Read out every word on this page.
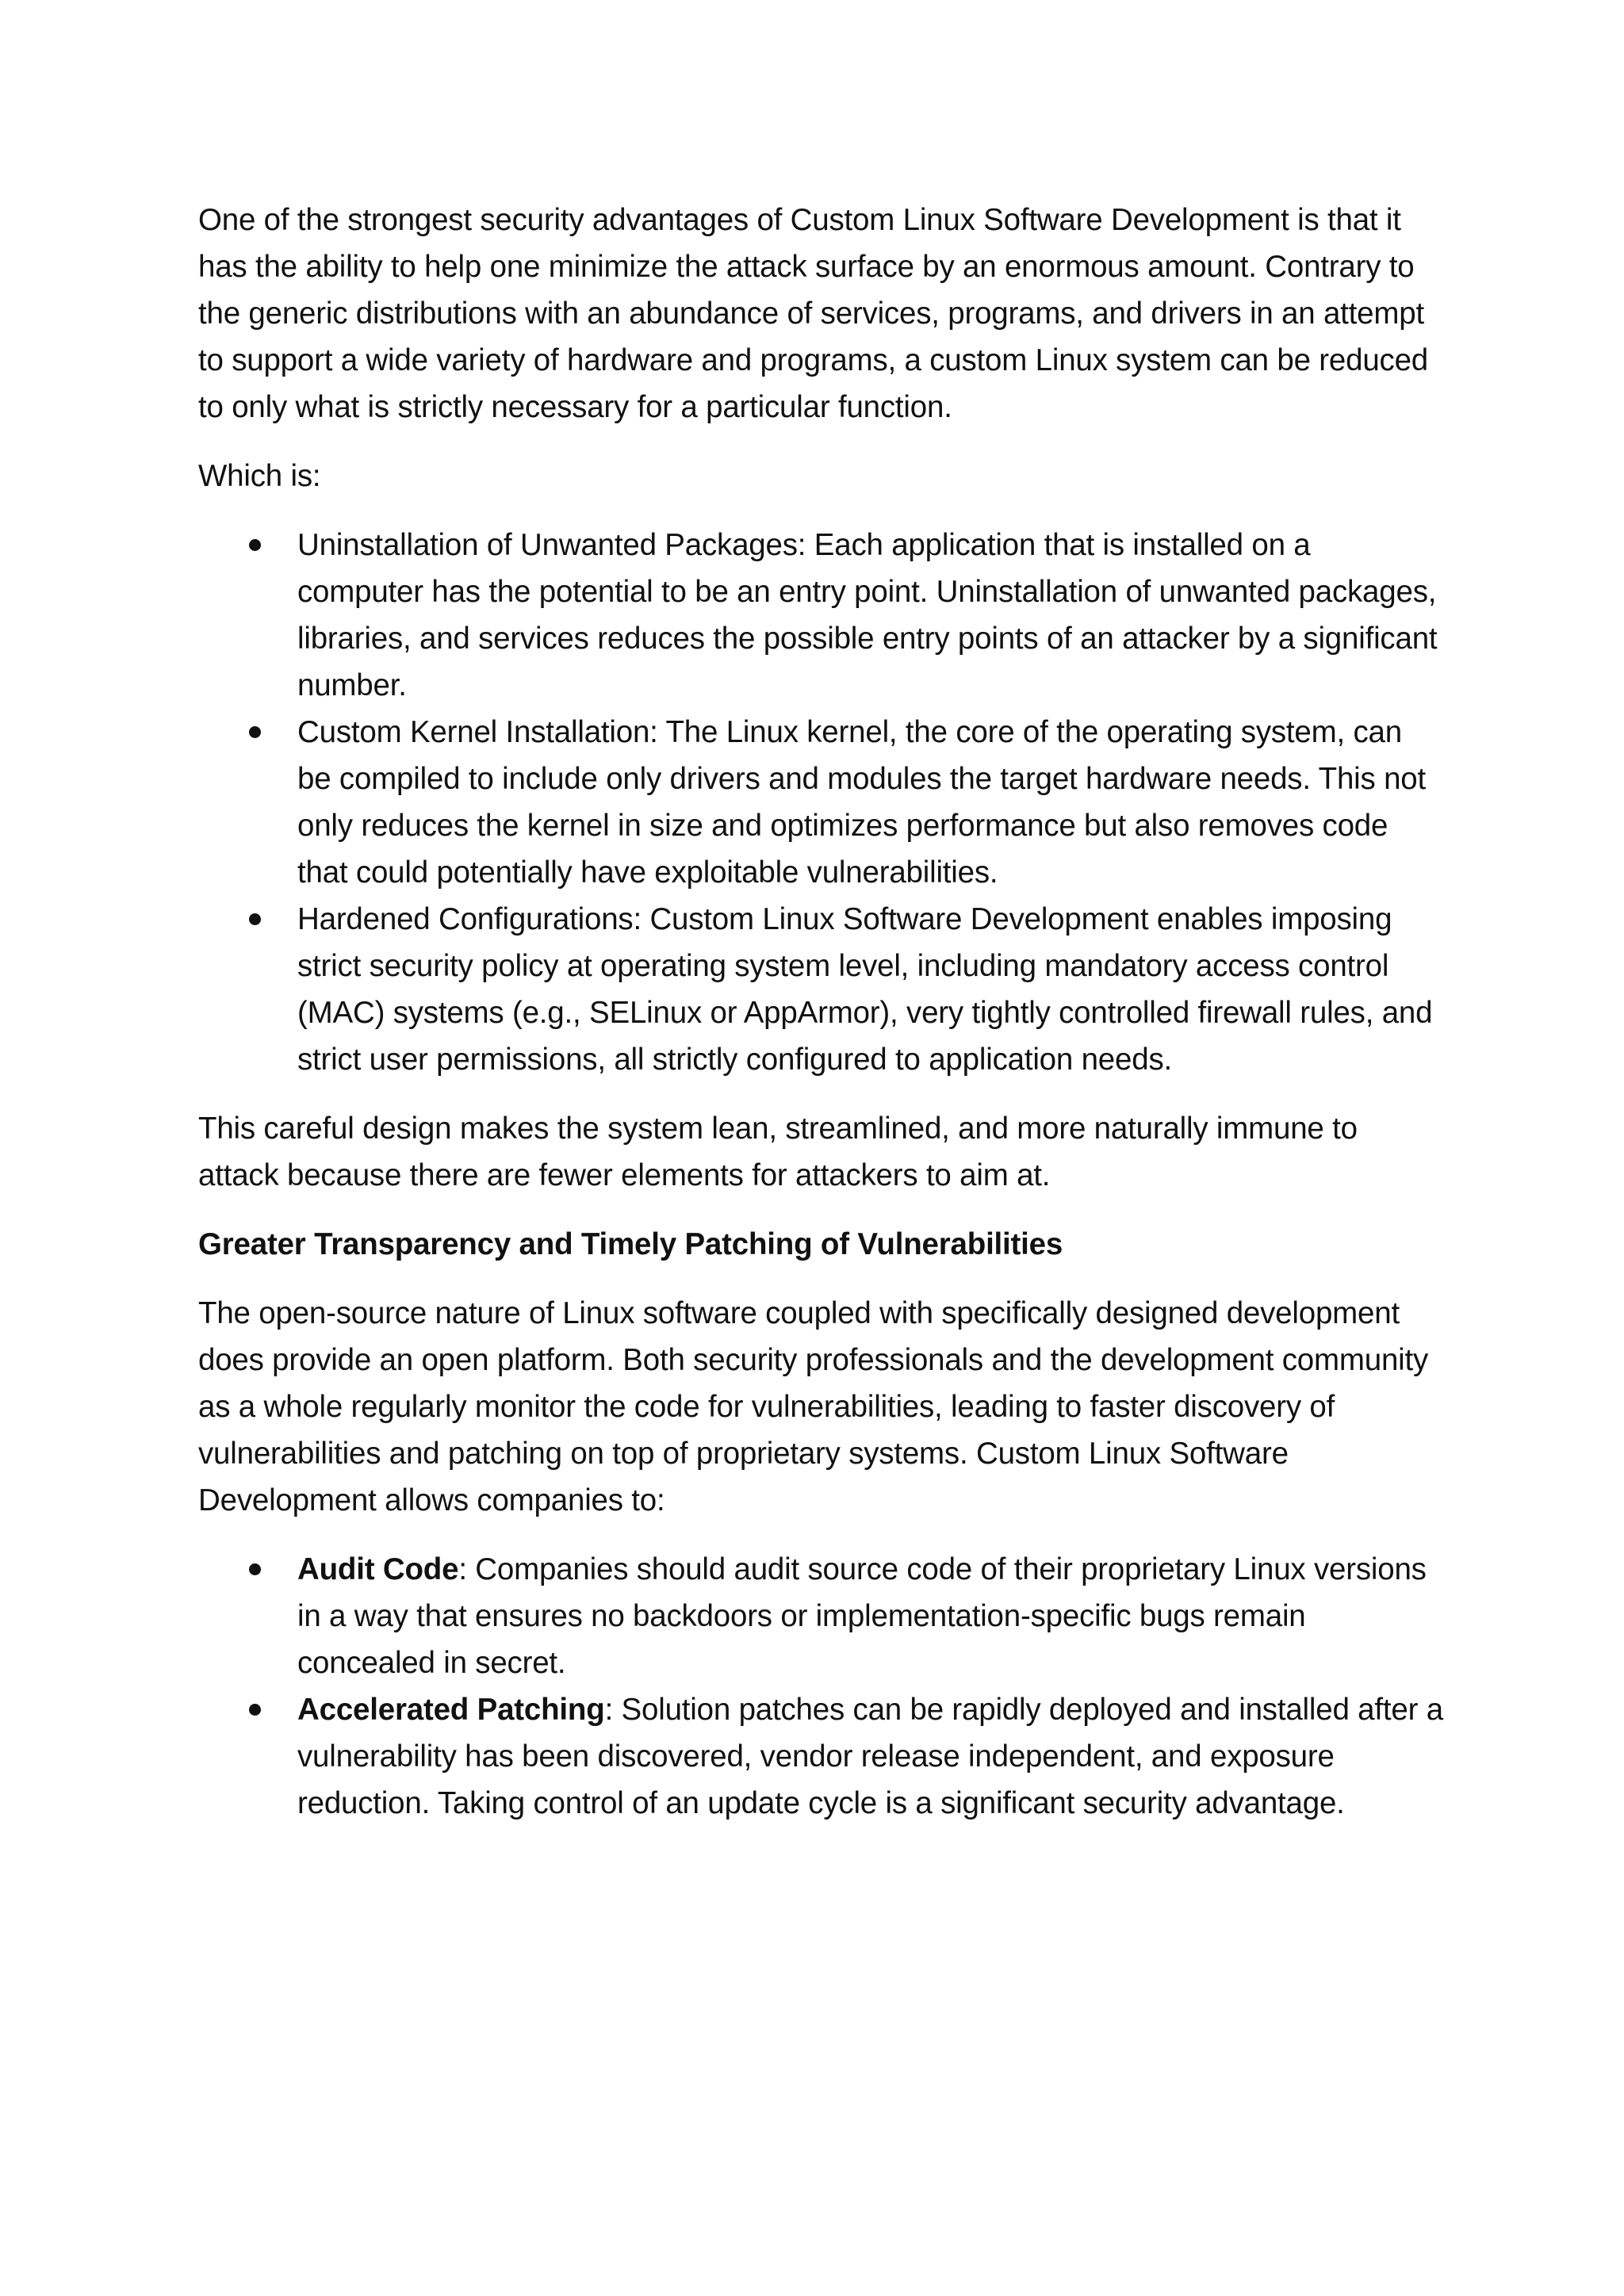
One of the strongest security advantages of Custom Linux Software Development is that it has the ability to help one minimize the attack surface by an enormous amount. Contrary to the generic distributions with an abundance of services, programs, and drivers in an attempt to support a wide variety of hardware and programs, a custom Linux system can be reduced to only what is strictly necessary for a particular function.

Which is:

Uninstallation of Unwanted Packages: Each application that is installed on a computer has the potential to be an entry point. Uninstallation of unwanted packages, libraries, and services reduces the possible entry points of an attacker by a significant number.
Custom Kernel Installation: The Linux kernel, the core of the operating system, can be compiled to include only drivers and modules the target hardware needs. This not only reduces the kernel in size and optimizes performance but also removes code that could potentially have exploitable vulnerabilities.
Hardened Configurations: Custom Linux Software Development enables imposing strict security policy at operating system level, including mandatory access control (MAC) systems (e.g., SELinux or AppArmor), very tightly controlled firewall rules, and strict user permissions, all strictly configured to application needs.

This careful design makes the system lean, streamlined, and more naturally immune to attack because there are fewer elements for attackers to aim at.

Greater Transparency and Timely Patching of Vulnerabilities

The open-source nature of Linux software coupled with specifically designed development does provide an open platform. Both security professionals and the development community as a whole regularly monitor the code for vulnerabilities, leading to faster discovery of vulnerabilities and patching on top of proprietary systems. Custom Linux Software Development allows companies to:

Audit Code: Companies should audit source code of their proprietary Linux versions in a way that ensures no backdoors or implementation-specific bugs remain concealed in secret.
Accelerated Patching: Solution patches can be rapidly deployed and installed after a vulnerability has been discovered, vendor release independent, and exposure reduction. Taking control of an update cycle is a significant security advantage.
